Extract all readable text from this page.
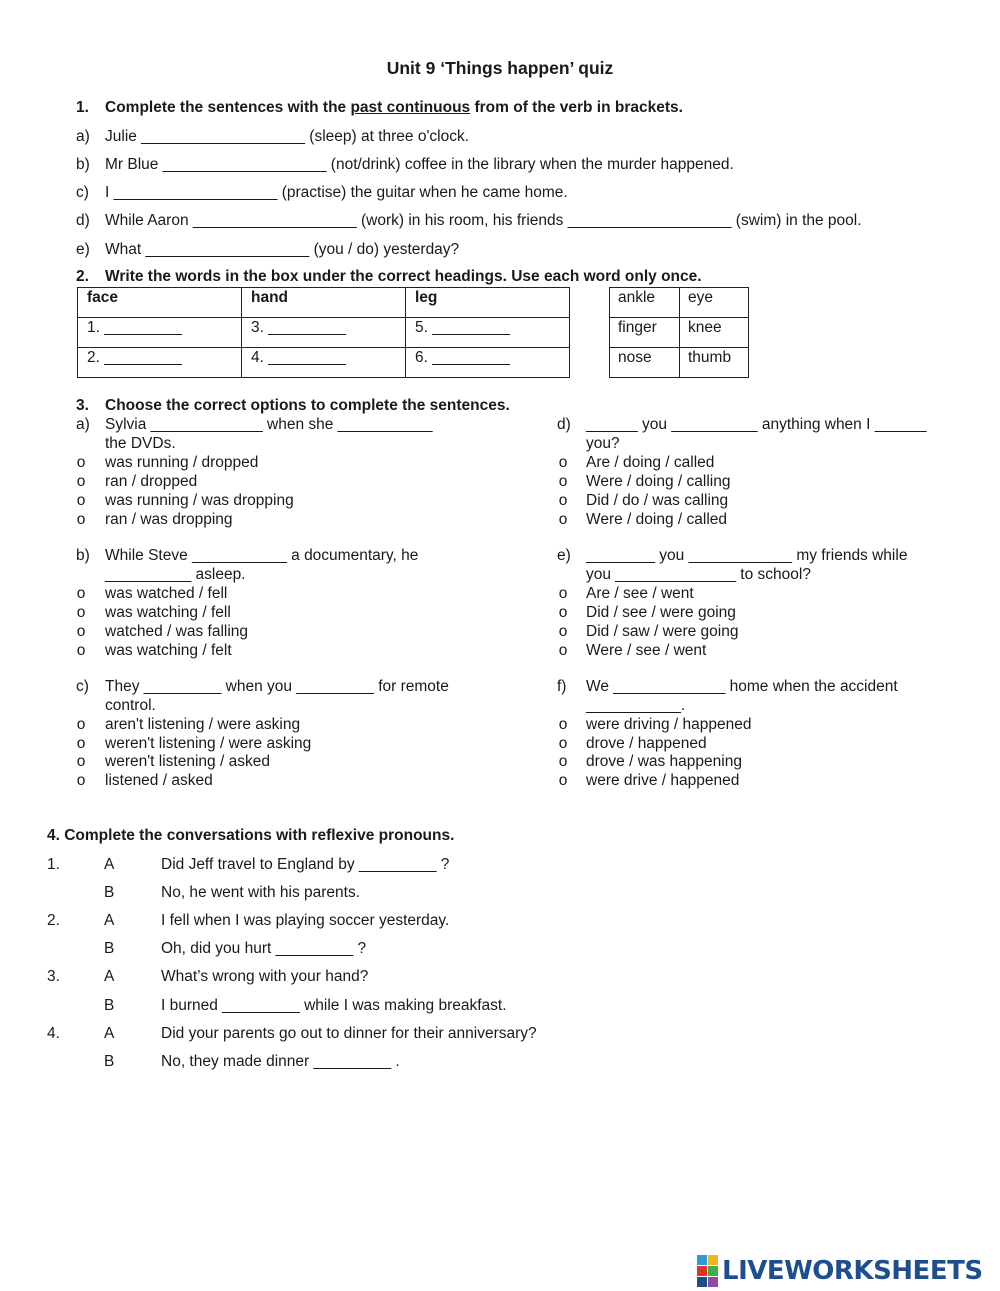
Unit 9 ‘Things happen’ quiz
1. Complete the sentences with the past continuous from of the verb in brackets.
a) Julie ___________________ (sleep) at three o'clock.
b) Mr Blue ___________________ (not/drink) coffee in the library when the murder happened.
c) I ___________________ (practise) the guitar when he came home.
d) While Aaron ___________________ (work) in his room, his friends ___________________ (swim) in the pool.
e) What ___________________ (you / do) yesterday?
2. Write the words in the box under the correct headings. Use each word only once.
face	hand	leg
1. _________	3. _________	5. _________
2. _________	4. _________	6. _________
ankle	eye
finger	knee
nose	thumb
3. Choose the correct options to complete the sentences.
a) Sylvia _____________ when she ___________
the DVDs.
o was running / dropped
o ran / dropped
o was running / was dropping
o ran / was dropping
b) While Steve ___________ a documentary, he
__________ asleep.
o was watched / fell
o was watching / fell
o watched / was falling
o was watching / felt
c) They _________ when you _________ for remote
control.
o aren't listening / were asking
o weren't listening / were asking
o weren't listening / asked
o listened / asked
d) ______ you __________ anything when I ______
you?
o Are / doing / called
o Were / doing / calling
o Did / do / was calling
o Were / doing / called
e) ________ you ____________ my friends while
you ______________ to school?
o Are / see / went
o Did / see / were going
o Did / saw / were going
o Were / see / went
f) We _____________ home when the accident
___________.
o were driving / happened
o drove / happened
o drove / was happening
o were drive / happened
4. Complete the conversations with reflexive pronouns.
1.	A	Did Jeff travel to England by _________ ?
B	No, he went with his parents.
2.	A	I fell when I was playing soccer yesterday.
B	Oh, did you hurt _________ ?
3.	A	What’s wrong with your hand?
B	I burned _________ while I was making breakfast.
4.	A	Did your parents go out to dinner for their anniversary?
B	No, they made dinner _________ .
LIVEWORKSHEETS
